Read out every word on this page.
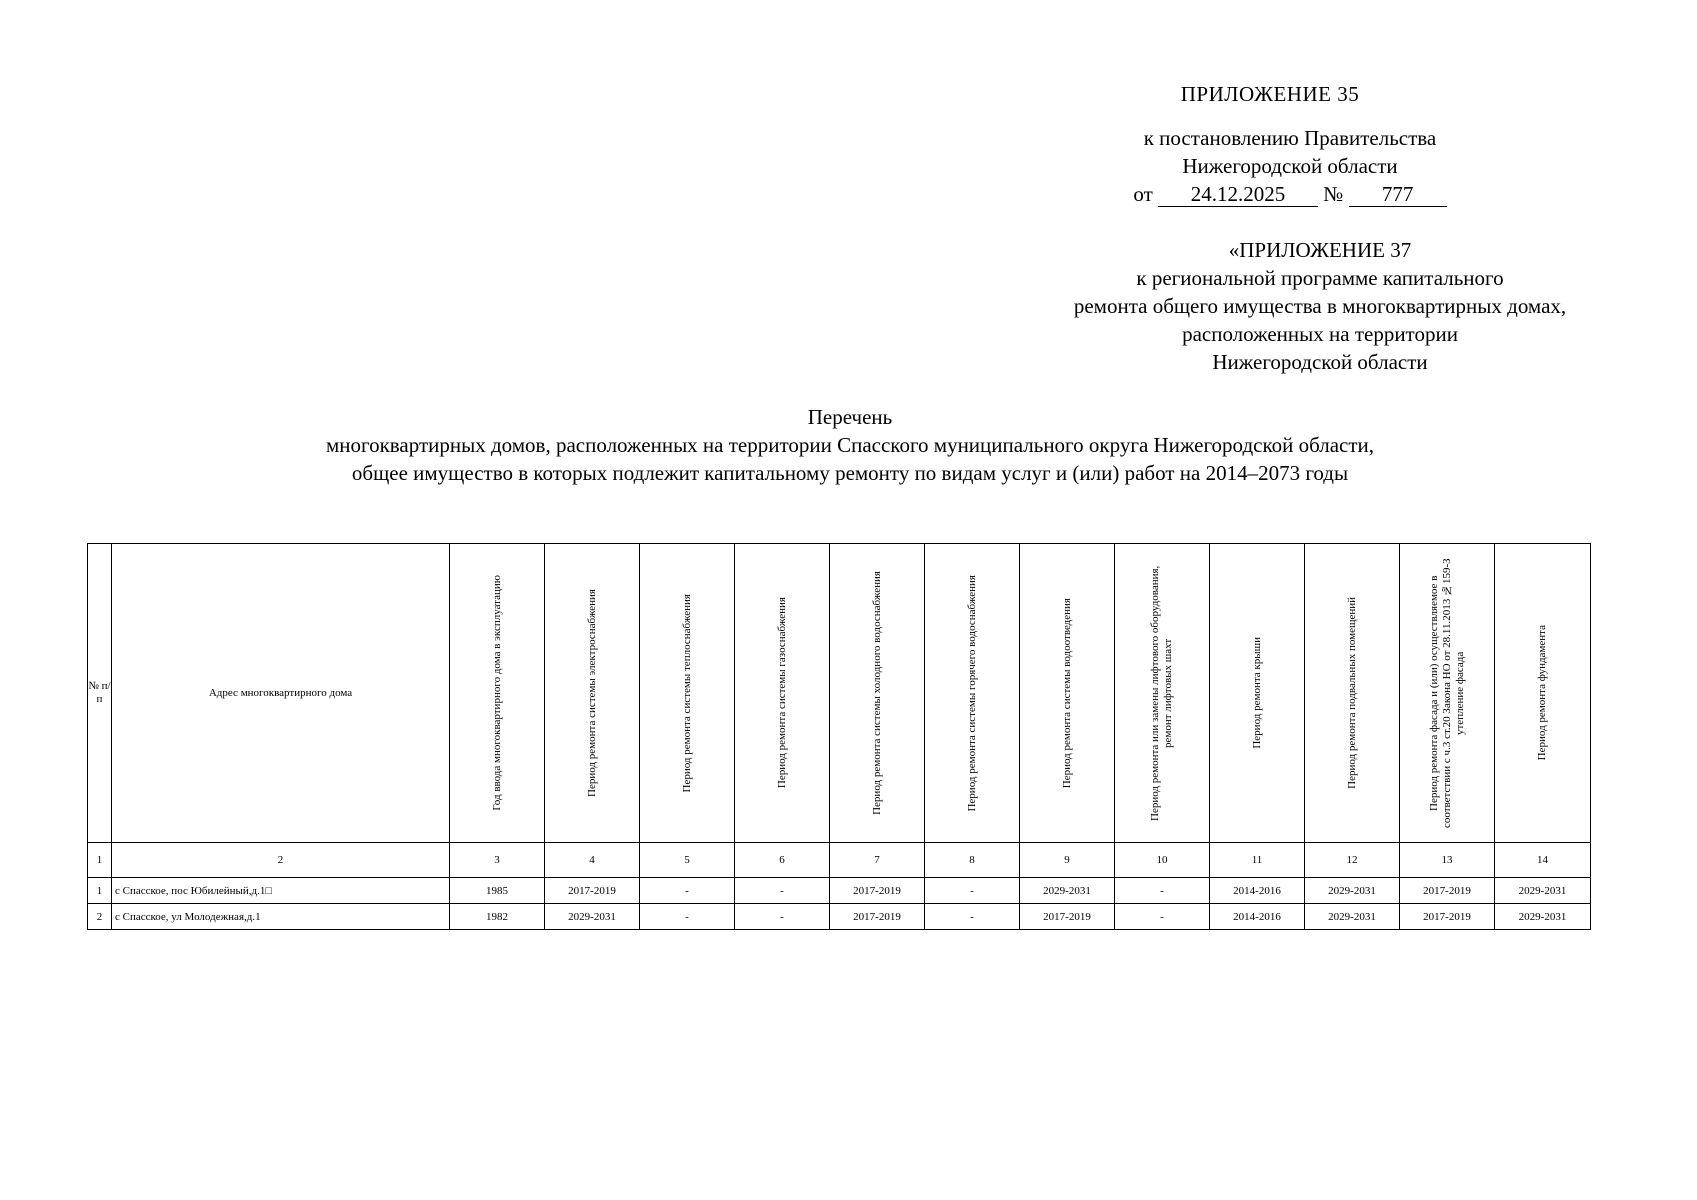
ПРИЛОЖЕНИЕ 35
к постановлению Правительства
Нижегородской области
от 24.12.2025 № 777
«ПРИЛОЖЕНИЕ 37
к региональной программе капитального
ремонта общего имущества в многоквартирных домах,
расположенных на территории
Нижегородской области
Перечень
многоквартирных домов, расположенных на территории Спасского муниципального округа Нижегородской области,
общее имущество в которых подлежит капитальному ремонту по видам услуг и (или) работ на 2014–2073 годы
№ п/п	Адрес многоквартирного дома	Год ввода многоквартирного дома в эксплуатацию	Период ремонта системы электроснабжения	Период ремонта системы теплоснабжения	Период ремонта системы газоснабжения	Период ремонта системы холодного водоснабжения	Период ремонта системы горячего водоснабжения	Период ремонта системы водоотведения	Период ремонта или замены лифтового оборудования, ремонт лифтовых шахт	Период ремонта крыши	Период ремонта подвальных помещений	Период ремонта фасада и (или) осуществляемое в соответствии с ч.3 ст.20 Закона НО от 28.11.2013 №159-З утепление фасада	Период ремонта фундамента

1	2	3	4	5	6	7	8	9	10	11	12	13	14
1	с Спасское, пос Юбилейный,д.1□	1985	2017-2019	-	-	2017-2019	-	2029-2031	-	2014-2016	2029-2031	2017-2019	2029-2031
2	с Спасское, ул Молодежная,д.1	1982	2029-2031	-	-	2017-2019	-	2017-2019	-	2014-2016	2029-2031	2017-2019	2029-2031
